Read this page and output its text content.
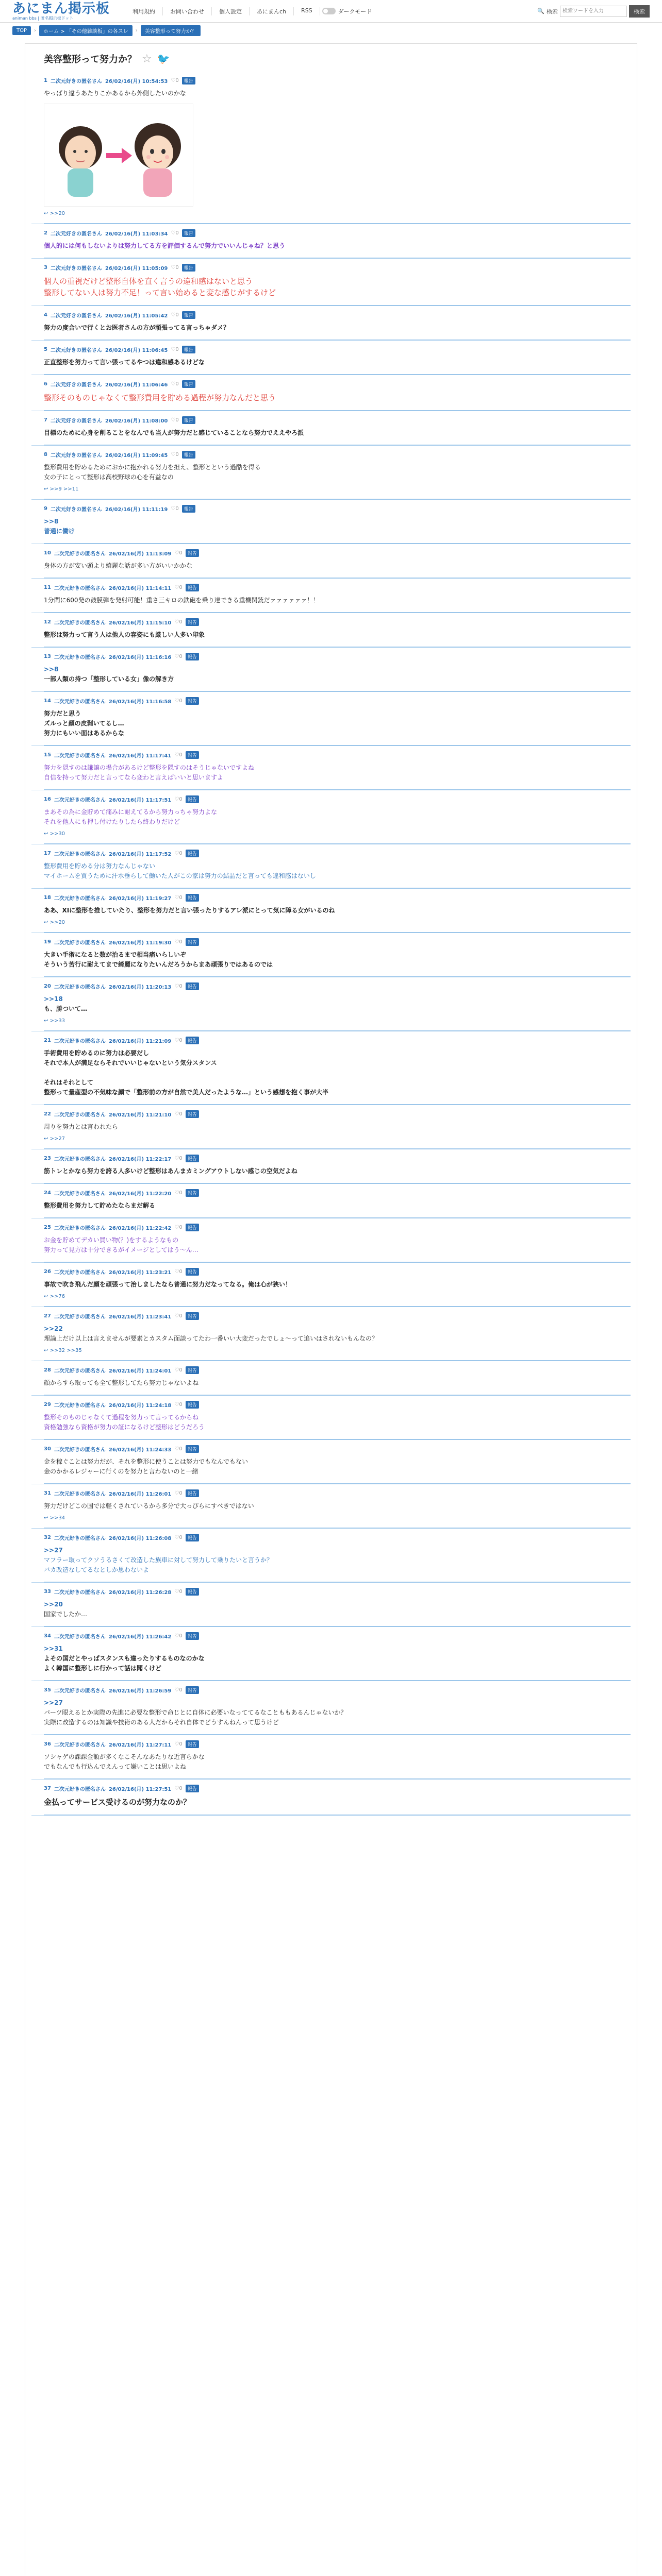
あにまん掲示板
animan bbs | 匿名掲示板ドット
利用規約	お問い合わせ	個人設定	あにまんch	RSS	ダークモード	🔍 検索
検索ワードを入力	検索
TOP	›	ホーム > 「その他雑談板」の各スレ	›	美容整形って努力か？
美容整形って努力か？ ☆ 🐦
1 二次元好きの匿名さん 26/02/16(月) 10:54:53 ♡0	報告
やっぱり違うあたりこかあるから外側したいのかな
↩ >>20
2 二次元好きの匿名さん 26/02/16(月) 11:03:34 ♡0	報告
個人的には何もしないよりは努力してる方を評価するんで努力でいいんじゃね？と思う
3 二次元好きの匿名さん 26/02/16(月) 11:05:09 ♡0	報告
個人の重視だけど整形自体を直く言うの違和感はないと思う
整形してない人は努力不足！って言い始めると変な感じがするけど
4 二次元好きの匿名さん 26/02/16(月) 11:05:42 ♡0	報告
努力の度合いで行くとお医者さんの方が頑張ってる言っちゃダメ？
5 二次元好きの匿名さん 26/02/16(月) 11:06:45 ♡0	報告
正直整形を努力って言い張ってるやつは違和感あるけどな
6 二次元好きの匿名さん 26/02/16(月) 11:06:46 ♡0	報告
整形そのものじゃなくて整形費用を貯める過程が努力なんだと思う
7 二次元好きの匿名さん 26/02/16(月) 11:08:00 ♡0	報告
目標のために心身を削ることをなんでも当人が努力だと感じていることなら努力でええやろ派
8 二次元好きの匿名さん 26/02/16(月) 11:09:45 ♡0	報告
整形費用を貯めるためにおかに抱かれる努力を担え、整形とという過酷を得る
女の子にとって整形は高校野球の心を有益なの
↩ >>9 >>11
9 二次元好きの匿名さん 26/02/16(月) 11:11:19 ♡0	報告
>>8
普通に働け
10 二次元好きの匿名さん 26/02/16(月) 11:13:09 ♡0	報告
身体の方が安い頭より綺麗な話が多い方がいいかかな
11 二次元好きの匿名さん 26/02/16(月) 11:14:11 ♡0	報告
1分間に600発の鼓膜弾を発射可能！重さ三キロの鉄砲を乗り達できる重機関銃だァァァァァァ！！
12 二次元好きの匿名さん 26/02/16(月) 11:15:10 ♡0	報告
整形は努力って言う人は他人の容姿にも厳しい人多い印象
13 二次元好きの匿名さん 26/02/16(月) 11:16:16 ♡0	報告
>>8
一部人類の持つ「整形している女」像の解き方
14 二次元好きの匿名さん 26/02/16(月) 11:16:58 ♡0	報告
努力だと思う
ズルっと顔の皮剥いてるし…
努力にもいい面はあるからな
15 二次元好きの匿名さん 26/02/16(月) 11:17:41 ♡0	報告
努力を隠すのは謙譲の場合があるけど整形を隠すのはそうじゃないですよね
自信を持って努力だと言ってなら変わと言えばいいと思いますよ
16 二次元好きの匿名さん 26/02/16(月) 11:17:51 ♡0	報告
まあその為に金貯めて痛みに耐えてるから努力っちゃ努力よな
それを他人にも押し付けたりしたら終わりだけど
↩ >>30
17 二次元好きの匿名さん 26/02/16(月) 11:17:52 ♡0	報告
整形費用を貯める分は努力なんじゃない
マイホームを買うために汗水垂らして働いた人がこの家は努力の結晶だと言っても違和感はないし
18 二次元好きの匿名さん 26/02/16(月) 11:19:27 ♡0	報告
ああ、XIに整形を推していたり、整形を努力だと言い張ったりするアレ派にとって気に障る女がいるのね
↩ >>20
19 二次元好きの匿名さん 26/02/16(月) 11:19:30 ♡0	報告
大きい手術になると数が治るまで相当痛いらしいぞ
そういう苦行に耐えてまで綺麗になりたいんだろうからまあ頑張りではあるのでは
20 二次元好きの匿名さん 26/02/16(月) 11:20:13 ♡0	報告
>>18
も、勝ついて…
↩ >>33
21 二次元好きの匿名さん 26/02/16(月) 11:21:09 ♡0	報告
手術費用を貯めるのに努力は必要だし
それで本人が満足ならそれでいいじゃないという気分スタンス
それはそれとして
整形って量産型の不気味な顔で「整形前の方が自然で美人だったような…」という感想を抱く事が大半
22 二次元好きの匿名さん 26/02/16(月) 11:21:10 ♡0	報告
周りを努力とは言われたら
↩ >>27
23 二次元好きの匿名さん 26/02/16(月) 11:22:17 ♡0	報告
筋トレとかなら努力を誇る人多いけど整形はあんまカミングアウトしない感じの空気だよね
24 二次元好きの匿名さん 26/02/16(月) 11:22:20 ♡0	報告
整形費用を努力して貯めたならまだ解る
25 二次元好きの匿名さん 26/02/16(月) 11:22:42 ♡0	報告
お金を貯めてデカい買い物(？)をするようなもの
努力って見方は十分できるがイメージとしてはう〜ん…
26 二次元好きの匿名さん 26/02/16(月) 11:23:21 ♡0	報告
事故で吹き飛んだ顔を頑張って治しましたなら普通に努力だなってなる。俺は心が狭い！
↩ >>76
27 二次元好きの匿名さん 26/02/16(月) 11:23:41 ♡0	報告
>>22
理論上だけ以上は言えませんが要素とカスタム面談ってたわ一番いい大変だったでしょ〜って追いはされないもんなの？
↩ >>32 >>35
28 二次元好きの匿名さん 26/02/16(月) 11:24:01 ♡0	報告
顔からすら取っても全て整形してたら努力じゃないよね
29 二次元好きの匿名さん 26/02/16(月) 11:24:18 ♡0	報告
整形そのものじゃなくて過程を努力って言ってるからね
資格勉強なら資格が努力の証になるけど整形はどうだろう
30 二次元好きの匿名さん 26/02/16(月) 11:24:33 ♡0	報告
金を稼ぐことは努力だが、それを整形に使うことは努力でもなんでもない
金のかかるレジャーに行くのを努力と言わないのと一緒
31 二次元好きの匿名さん 26/02/16(月) 11:26:01 ♡0	報告
努力だけどこの国では軽くされているから多分で大っぴらにすべきではない
↩ >>34
32 二次元好きの匿名さん 26/02/16(月) 11:26:08 ♡0	報告
>>27
マフラー取ってクソうるさくて改造した族車に対して努力して乗りたいと言うか？
バカ改造なしてるなとしか思わないよ
33 二次元好きの匿名さん 26/02/16(月) 11:26:28 ♡0	報告
>>20
国家でしたか…
34 二次元好きの匿名さん 26/02/16(月) 11:26:42 ♡0	報告
>>31
よその国だとやっぱスタンスも違ったりするものなのかな
よく韓国に整形しに行かって話は聞くけど
35 二次元好きの匿名さん 26/02/16(月) 11:26:59 ♡0	報告
>>27
パーツ眼えるとか実際の先進に必要な整形で命じとに自体に必要いなっててるなことももあるんじゃないか？
実際に改造するのは知識や技術のある人だからそれ自体でどうすんねんって思うけど
36 二次元好きの匿名さん 26/02/16(月) 11:27:11 ♡0	報告
ソシャゲの課課金額が多くなこそんなあたりな近言らかな
でもなんでも行込んでえんって嫌いことは思いよね
37 二次元好きの匿名さん 26/02/16(月) 11:27:51 ♡0	報告
金払ってサービス受けるのが努力なのか？
